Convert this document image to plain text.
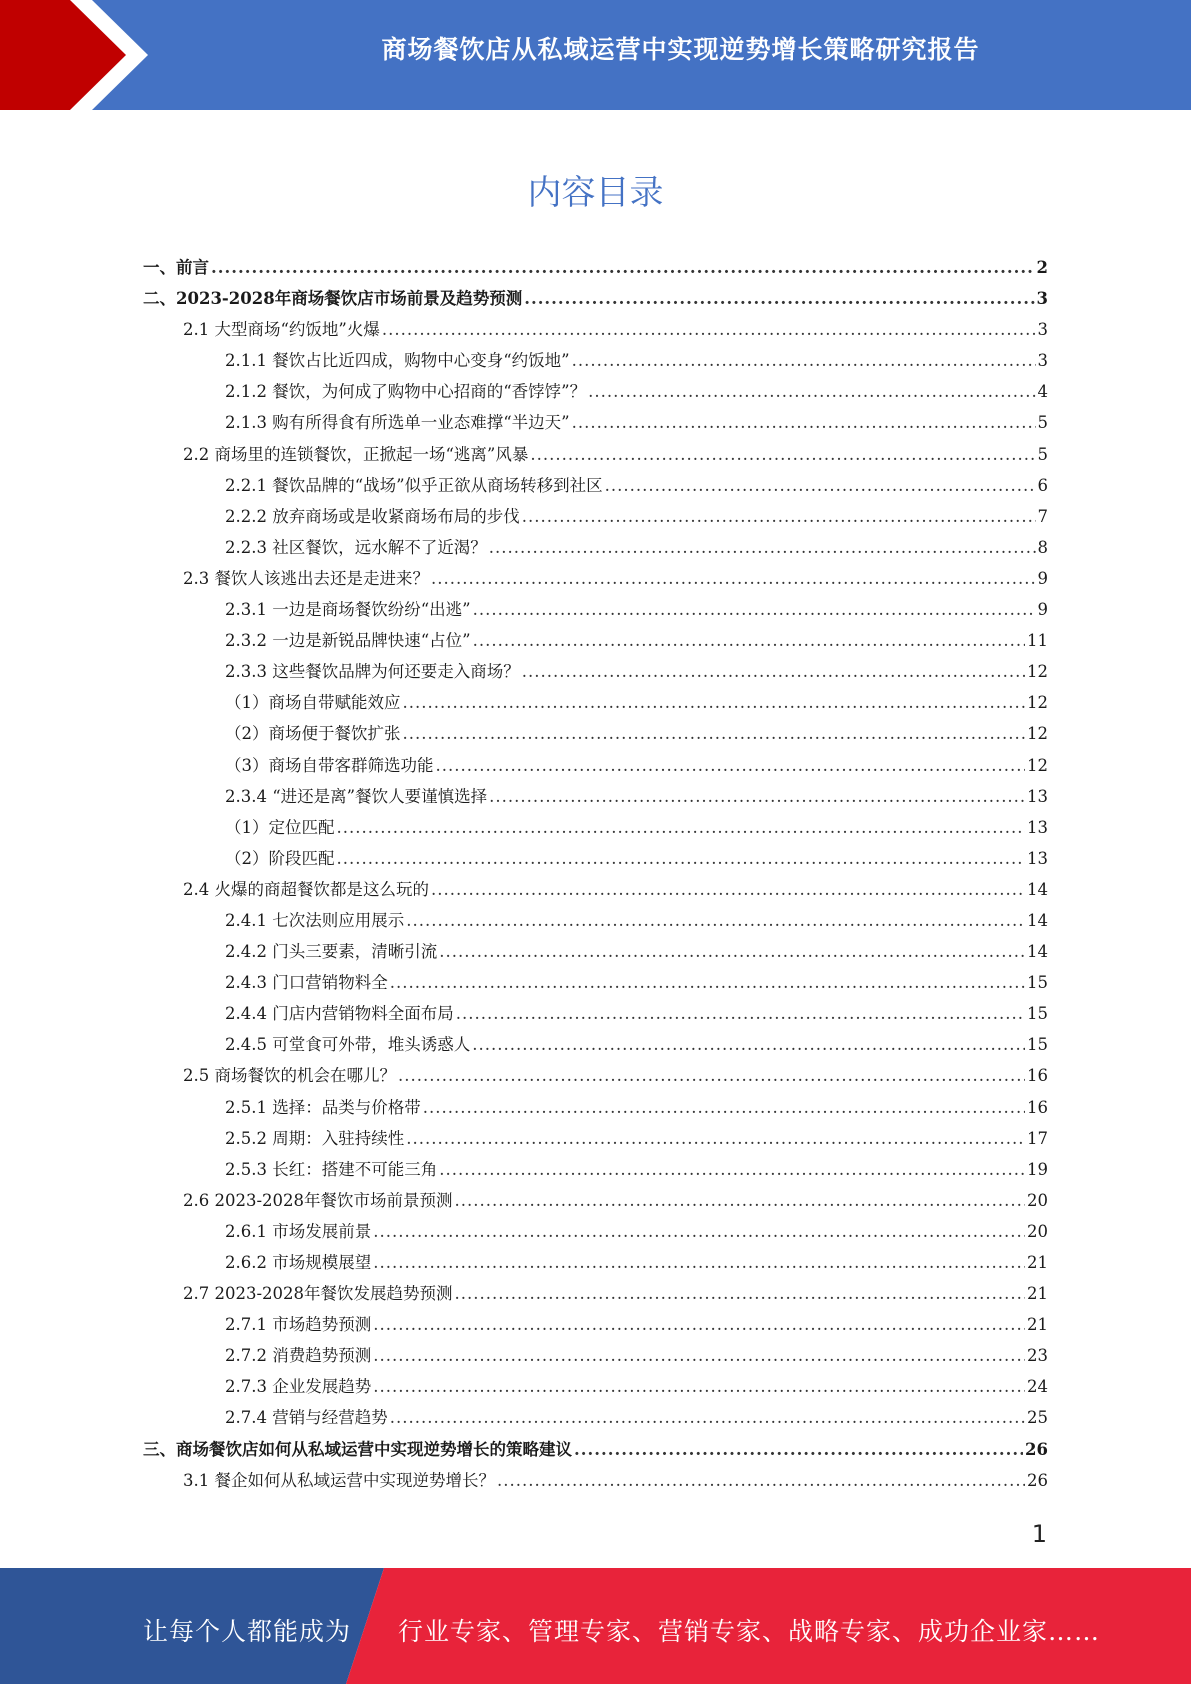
商场餐饮店从私域运营中实现逆势增长策略研究报告
内容目录
一、前言 .....	2
二、2023-2028年商场餐饮店市场前景及趋势预测 .....	3
2.1 大型商场“约饭地”火爆 .....	3
2.1.1 餐饮占比近四成，购物中心变身“约饭地” .....	3
2.1.2 餐饮，为何成了购物中心招商的“香饽饽”？ .....	4
2.1.3 购有所得食有所选单一业态难撑“半边天” .....	5
2.2 商场里的连锁餐饮，正掀起一场“逃离”风暴 .....	5
2.2.1 餐饮品牌的“战场”似乎正欲从商场转移到社区 .....	6
2.2.2 放弃商场或是收紧商场布局的步伐 .....	7
2.2.3 社区餐饮，远水解不了近渴？ .....	8
2.3 餐饮人该逃出去还是走进来？ .....	9
2.3.1 一边是商场餐饮纷纷“出逃” .....	9
2.3.2 一边是新锐品牌快速“占位” .....	11
2.3.3 这些餐饮品牌为何还要走入商场？ .....	12
（1）商场自带赋能效应 .....	12
（2）商场便于餐饮扩张 .....	12
（3）商场自带客群筛选功能 .....	12
2.3.4 “进还是离”餐饮人要谨慎选择 .....	13
（1）定位匹配 .....	13
（2）阶段匹配 .....	13
2.4 火爆的商超餐饮都是这么玩的 .....	14
2.4.1 七次法则应用展示 .....	14
2.4.2 门头三要素，清晰引流 .....	14
2.4.3 门口营销物料全 .....	15
2.4.4 门店内营销物料全面布局 .....	15
2.4.5 可堂食可外带，堆头诱惑人 .....	15
2.5 商场餐饮的机会在哪儿？ .....	16
2.5.1 选择：品类与价格带 .....	16
2.5.2 周期：入驻持续性 .....	17
2.5.3 长红：搭建不可能三角 .....	19
2.6 2023-2028年餐饮市场前景预测 .....	20
2.6.1 市场发展前景 .....	20
2.6.2 市场规模展望 .....	21
2.7 2023-2028年餐饮发展趋势预测 .....	21
2.7.1 市场趋势预测 .....	21
2.7.2 消费趋势预测 .....	23
2.7.3 企业发展趋势 .....	24
2.7.4 营销与经营趋势 .....	25
三、商场餐饮店如何从私域运营中实现逆势增长的策略建议 .....	26
3.1 餐企如何从私域运营中实现逆势增长？ .....	26
1
让每个人都能成为 行业专家、管理专家、营销专家、战略专家、成功企业家……
